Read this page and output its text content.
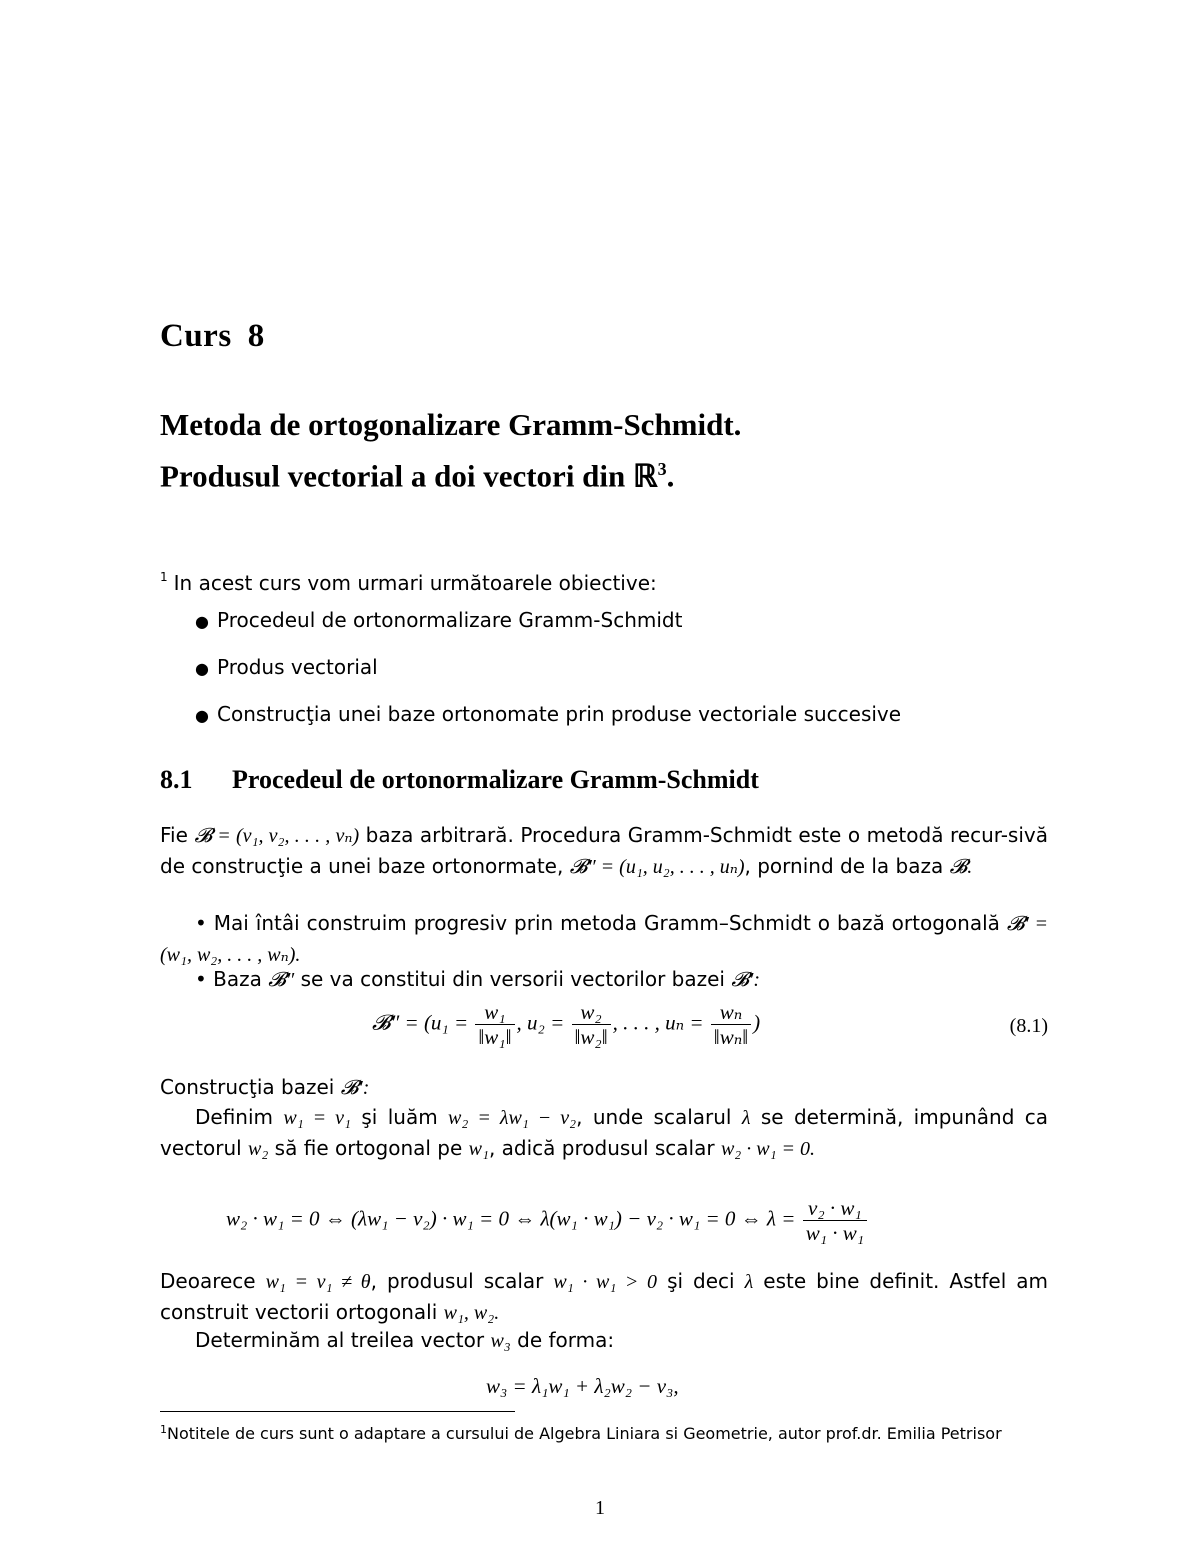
Curs 8
Metoda de ortogonalizare Gramm-Schmidt.
Produsul vectorial a doi vectori din ℝ$^3$.
$^1$ In acest curs vom urmari următoarele obiective:
● Procedeul de ortonormalizare Gramm-Schmidt
● Produs vectorial
● Construcţia unei baze ortonomate prin produse vectoriale succesive
8.1 Procedeul de ortonormalizare Gramm-Schmidt
Fie 𝓑 = (v₁, v₂, . . . , vₙ) baza arbitrară. Procedura Gramm-Schmidt este o metodă recur-sivă de construcţie a unei baze ortonormate, 𝓑″ = (u₁, u₂, . . . , uₙ), pornind de la baza 𝓑.
• Mai întâi construim progresiv prin metoda Gramm–Schmidt o bază ortogonală 𝓑′ = (w₁, w₂, . . . , wₙ).
• Baza 𝓑″ se va constitui din versorii vectorilor bazei 𝓑′:
𝓑″ = ($u_1 = \frac{\text{w₁}}{\text{‖w₁‖}}$ , $u_2 = \frac{\text{w₂}}{\text{‖w₂‖}}$ , . . . , $u_n = \frac{\text{wₙ}}{\text{‖wₙ‖}}$ )	(8.1)
Construcţia bazei 𝓑′:
Definim w₁ = v₁ şi luăm w₂ = λw₁ − v₂, unde scalarul λ se determină, impunând ca vectorul w₂ să fie ortogonal pe w₁, adică produsul scalar w₂ · w₁ = 0.
w₂ · w₁ = 0 ⇔ (λw₁ − v₂) · w₁ = 0 ⇔ λ(w₁ · w₁) − v₂ · w₁ = 0 ⇔ $\lambda = \frac{\text{v₂ · w₁}}{\text{w₁ · w₁}}$
Deoarece w₁ = v₁ ≠ θ, produsul scalar w₁ · w₁ > 0 şi deci λ este bine definit. Astfel am construit vectorii ortogonali w₁, w₂.
Determinăm al treilea vector w₃ de forma:
w₃ = λ₁w₁ + λ₂w₂ − v₃,
$^1$Notitele de curs sunt o adaptare a cursului de Algebra Liniara si Geometrie, autor prof.dr. Emilia Petrisor
1
